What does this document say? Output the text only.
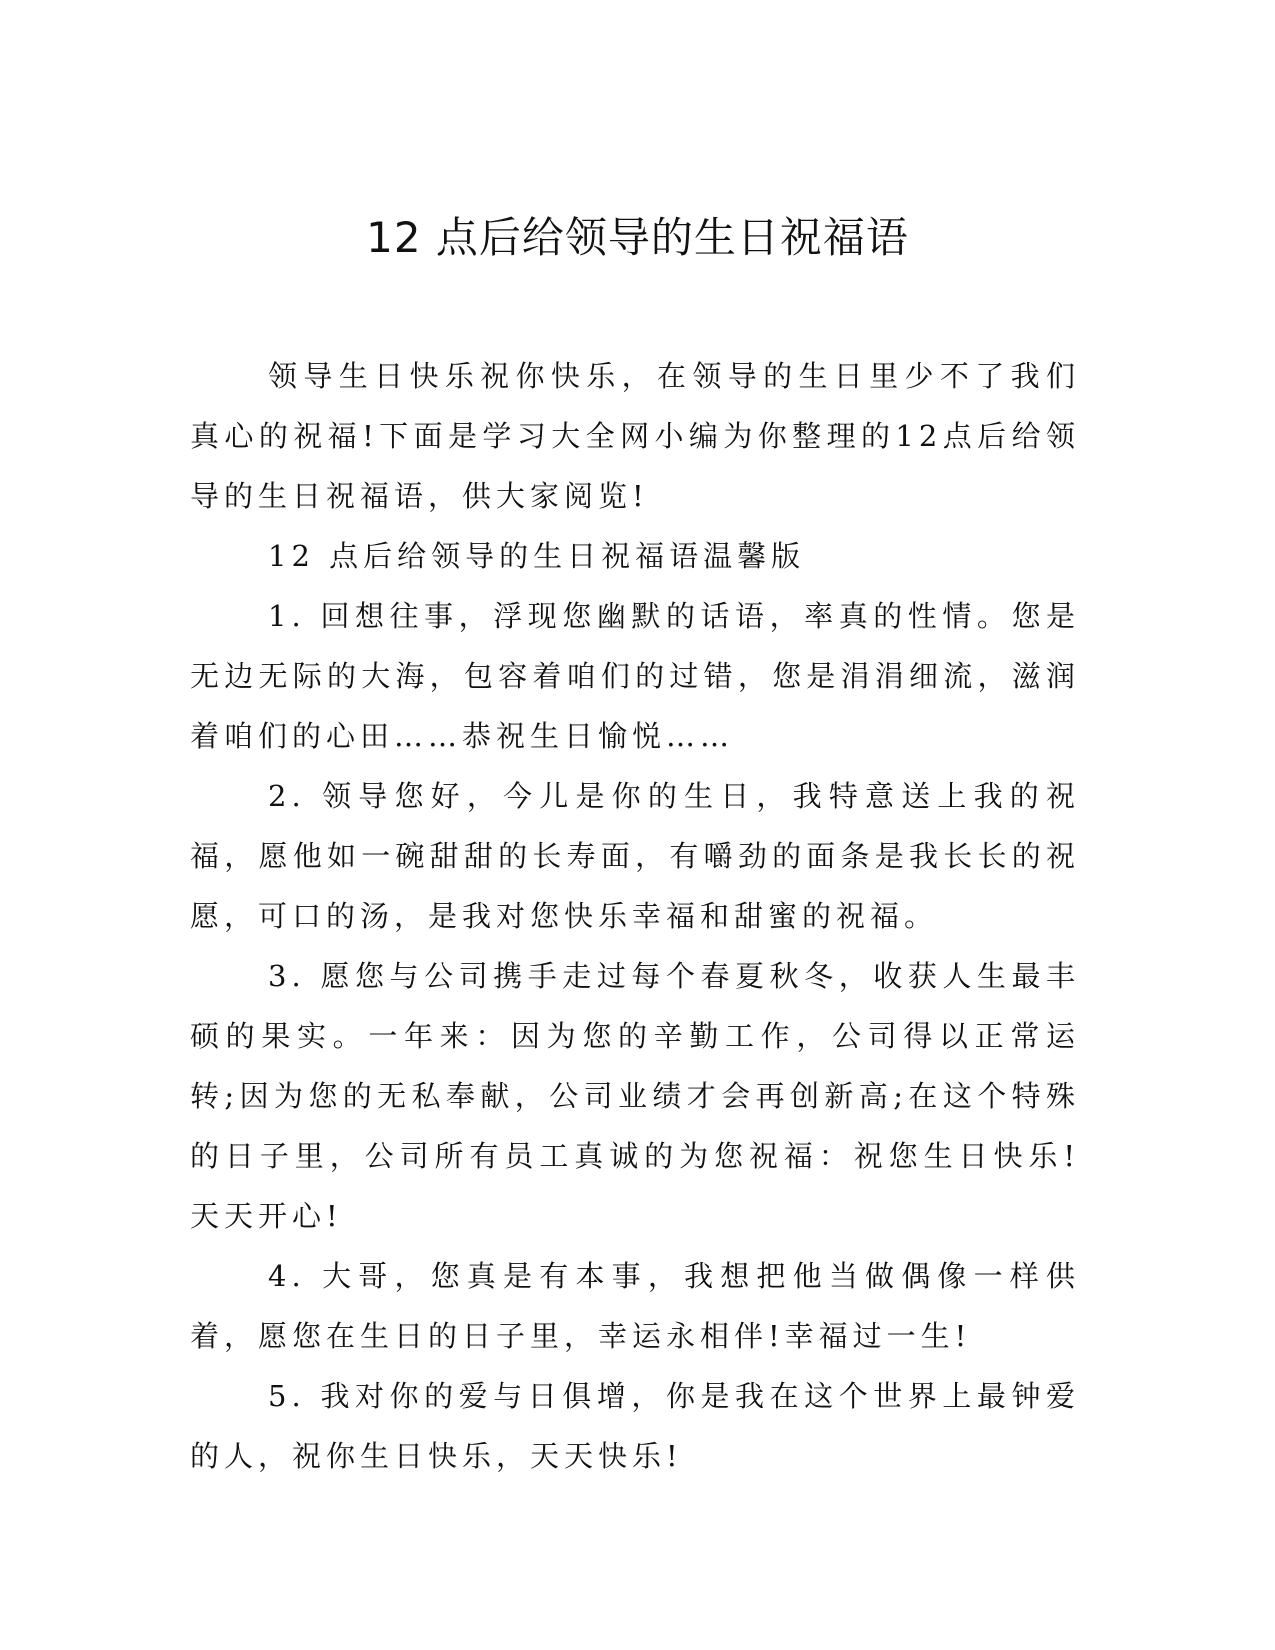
12 点后给领导的生日祝福语

领导生日快乐祝你快乐，在领导的生日里少不了我们真心的祝福!下面是学习大全网小编为你整理的12点后给领导的生日祝福语，供大家阅览!

12 点后给领导的生日祝福语温馨版

1. 回想往事，浮现您幽默的话语，率真的性情。您是无边无际的大海，包容着咱们的过错，您是涓涓细流，滋润着咱们的心田……恭祝生日愉悦……

2. 领导您好，今儿是你的生日，我特意送上我的祝福，愿他如一碗甜甜的长寿面，有嚼劲的面条是我长长的祝愿，可口的汤，是我对您快乐幸福和甜蜜的祝福。

3. 愿您与公司携手走过每个春夏秋冬，收获人生最丰硕的果实。一年来：因为您的辛勤工作，公司得以正常运转;因为您的无私奉献，公司业绩才会再创新高;在这个特殊的日子里，公司所有员工真诚的为您祝福：祝您生日快乐!天天开心!

4. 大哥，您真是有本事，我想把他当做偶像一样供着，愿您在生日的日子里，幸运永相伴!幸福过一生!

5. 我对你的爱与日俱增，你是我在这个世界上最钟爱的人，祝你生日快乐，天天快乐!
